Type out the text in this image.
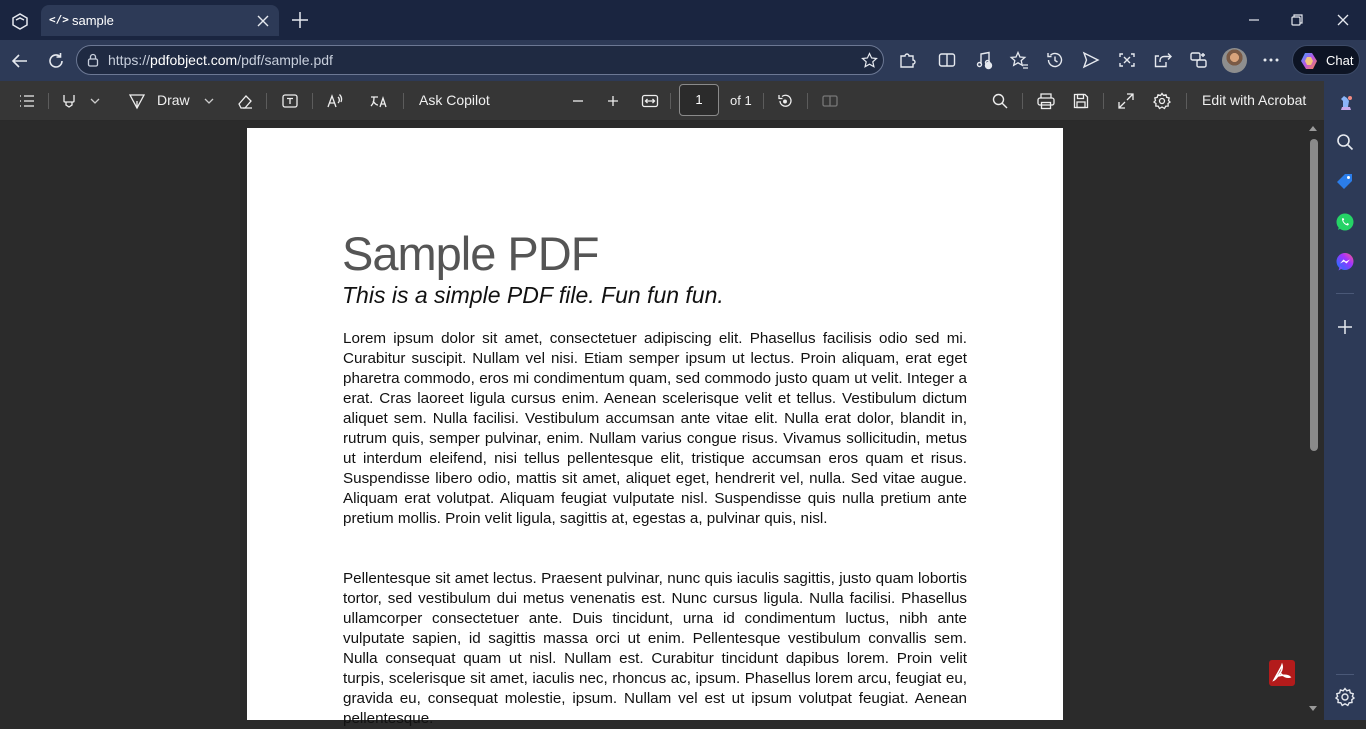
</> sample
https://pdfobject.com/pdf/sample.pdf	Chat
Draw	Ask Copilot	1	of 1	Edit with Acrobat
Sample PDF
This is a simple PDF file. Fun fun fun.

Lorem ipsum dolor sit amet, consectetuer adipiscing elit. Phasellus facilisis odio sed mi. Curabitur suscipit. Nullam vel nisi. Etiam semper ipsum ut lectus. Proin aliquam, erat eget pharetra commodo, eros mi condimentum quam, sed commodo justo quam ut velit. Integer a erat. Cras laoreet ligula cursus enim. Aenean scelerisque velit et tellus. Vestibulum dictum aliquet sem. Nulla facilisi. Vestibulum accumsan ante vitae elit. Nulla erat dolor, blandit in, rutrum quis, semper pulvinar, enim. Nullam varius congue risus. Vivamus sollicitudin, metus ut interdum eleifend, nisi tellus pellentesque elit, tristique accumsan eros quam et risus. Suspendisse libero odio, mattis sit amet, aliquet eget, hendrerit vel, nulla. Sed vitae augue. Aliquam erat volutpat. Aliquam feugiat vulputate nisl. Suspendisse quis nulla pretium ante pretium mollis. Proin velit ligula, sagittis at, egestas a, pulvinar quis, nisl.

Pellentesque sit amet lectus. Praesent pulvinar, nunc quis iaculis sagittis, justo quam lobortis tortor, sed vestibulum dui metus venenatis est. Nunc cursus ligula. Nulla facilisi. Phasellus ullamcorper consectetuer ante. Duis tincidunt, urna id condimentum luctus, nibh ante vulputate sapien, id sagittis massa orci ut enim. Pellentesque vestibulum convallis sem. Nulla consequat quam ut nisl. Nullam est. Curabitur tincidunt dapibus lorem. Proin velit turpis, scelerisque sit amet, iaculis nec, rhoncus ac, ipsum. Phasellus lorem arcu, feugiat eu, gravida eu, consequat molestie, ipsum. Nullam vel est ut ipsum volutpat feugiat. Aenean pellentesque.
